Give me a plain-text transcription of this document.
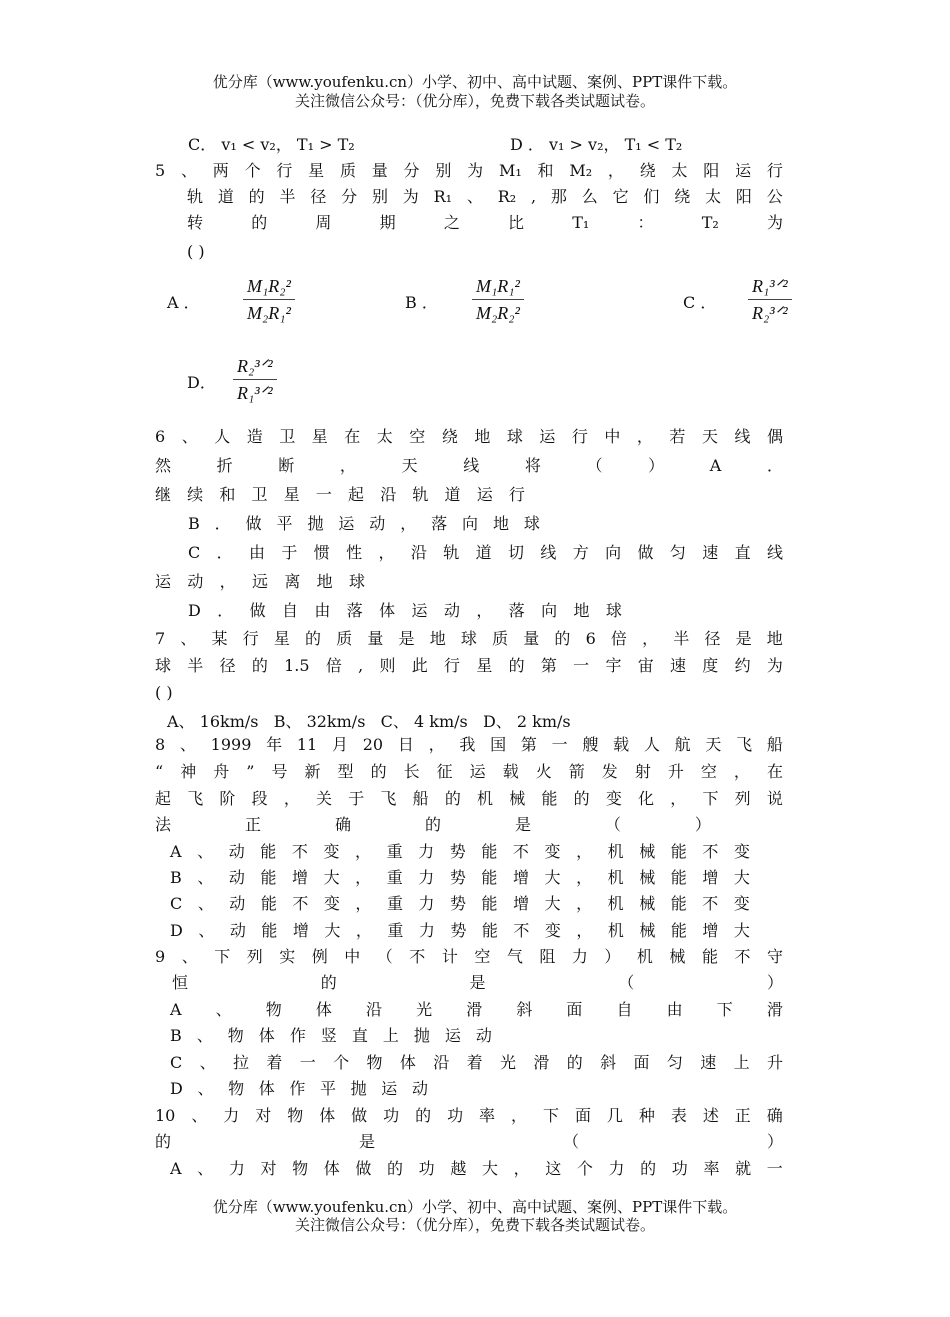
优分库（www.youfenku.cn）小学、初中、高中试题、案例、PPT课件下载。
关注微信公众号：（优分库），免费下载各类试题试卷。
C． v₁ < v₂， T₁ > T₂	D ． v₁ > v₂， T₁ < T₂
5 、 两 个 行 星 质 量 分 别 为 M₁ 和 M₂ ， 绕 太 阳 运 行
轨 道 的 半 径 分 别 为 R₁ 、 R₂ , 那 么 它 们 绕 太 阳 公
转	的	周	期	之	比	T₁	：	T₂	为
( )
A ．
M₁R₂²
M₂R₁²
B ．
M₁R₁²
M₂R₂²
C ．
R₁³ᐟ²
R₂³ᐟ²
D．
R₂³ᐟ²
R₁³ᐟ²
6 、 人 造 卫 星 在 太 空 绕 地 球 运 行 中 ， 若 天 线 偶
然	折	断	，	天	线	将	（	）	A	．
继 续 和 卫 星 一 起 沿 轨 道 运 行
B ． 做 平 抛 运 动 ， 落 向 地 球
C ． 由 于 惯 性 ， 沿 轨 道 切 线 方 向 做 匀 速 直 线
运 动 ， 远 离 地 球
D ． 做 自 由 落 体 运 动 ， 落 向 地 球
7 、 某 行 星 的 质 量 是 地 球 质 量 的 6 倍 ， 半 径 是 地
球 半 径 的 1.5 倍 , 则 此 行 星 的 第 一 宇 宙 速 度 约 为
( )
A、 16km/s   B、 32km/s   C、 4 km/s   D、 2 km/s
8 、 1999 年 11 月 20 日 ， 我 国 第 一 艘 载 人 航 天 飞 船
“ 神 舟 ” 号 新 型 的 长 征 运 载 火 箭 发 射 升 空 ， 在
起 飞 阶 段 ， 关 于 飞 船 的 机 械 能 的 变 化 ， 下 列 说
法	正	确	的	是	（	）
A 、 动 能 不 变 ， 重 力 势 能 不 变 ， 机 械 能 不 变
B 、 动 能 增 大 ， 重 力 势 能 增 大 ， 机 械 能 增 大
C 、 动 能 不 变 ， 重 力 势 能 增 大 ， 机 械 能 不 变
D 、 动 能 增 大 ， 重 力 势 能 不 变 ， 机 械 能 增 大
9 、 下 列 实 例 中 （ 不 计 空 气 阻 力 ） 机 械 能 不 守
恒	的	是	（	）
A 、 物 体 沿 光 滑 斜 面 自 由 下 滑
B 、 物 体 作 竖 直 上 抛 运 动
C 、 拉 着 一 个 物 体 沿 着 光 滑 的 斜 面 匀 速 上 升
D 、 物 体 作 平 抛 运 动
10 、 力 对 物 体 做 功 的 功 率 ， 下 面 几 种 表 述 正 确
的	是	（	）
A 、 力 对 物 体 做 的 功 越 大 ， 这 个 力 的 功 率 就 一
优分库（www.youfenku.cn）小学、初中、高中试题、案例、PPT课件下载。
关注微信公众号：（优分库），免费下载各类试题试卷。
